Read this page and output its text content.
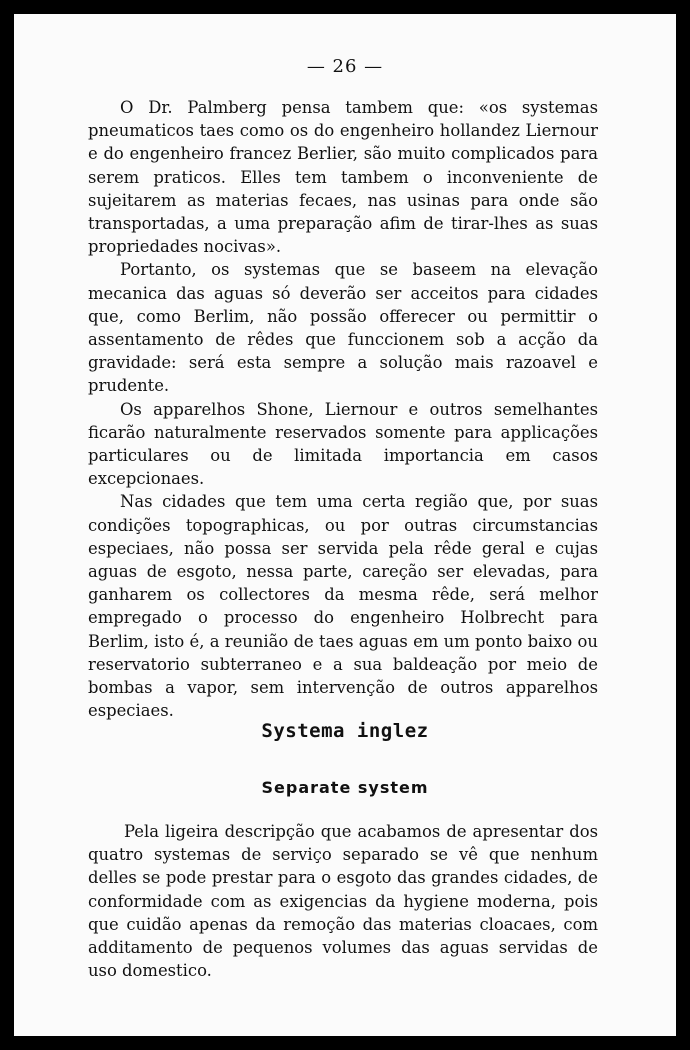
— 26 —

O Dr. Palmberg pensa tambem que: «os systemas pneumaticos taes como os do engenheiro hollandez Liernour e do engenheiro francez Berlier, são muito complicados para serem praticos. Elles tem tambem o inconveniente de sujeitarem as materias fecaes, nas usinas para onde são transportadas, a uma preparação afim de tirar-lhes as suas propriedades nocivas».

Portanto, os systemas que se baseem na elevação mecanica das aguas só deverão ser acceitos para cidades que, como Berlim, não possão offerecer ou permittir o assentamento de rêdes que funccionem sob a acção da gravidade: será esta sempre a solução mais razoavel e prudente.

Os apparelhos Shone, Liernour e outros semelhantes ficarão naturalmente reservados somente para applicações particulares ou de limitada importancia em casos excepcionaes.

Nas cidades que tem uma certa região que, por suas condições topographicas, ou por outras circumstancias especiaes, não possa ser servida pela rêde geral e cujas aguas de esgoto, nessa parte, careção ser elevadas, para ganharem os collectores da mesma rêde, será melhor empregado o processo do engenheiro Holbrecht para Berlim, isto é, a reunião de taes aguas em um ponto baixo ou reservatorio subterraneo e a sua baldeação por meio de bombas a vapor, sem intervenção de outros apparelhos especiaes.

Systema inglez
Separate system

Pela ligeira descripção que acabamos de apresentar dos quatro systemas de serviço separado se vê que nenhum delles se pode prestar para o esgoto das grandes cidades, de conformidade com as exigencias da hygiene moderna, pois que cuidão apenas da remoção das materias cloacaes, com additamento de pequenos volumes das aguas servidas de uso domestico.
